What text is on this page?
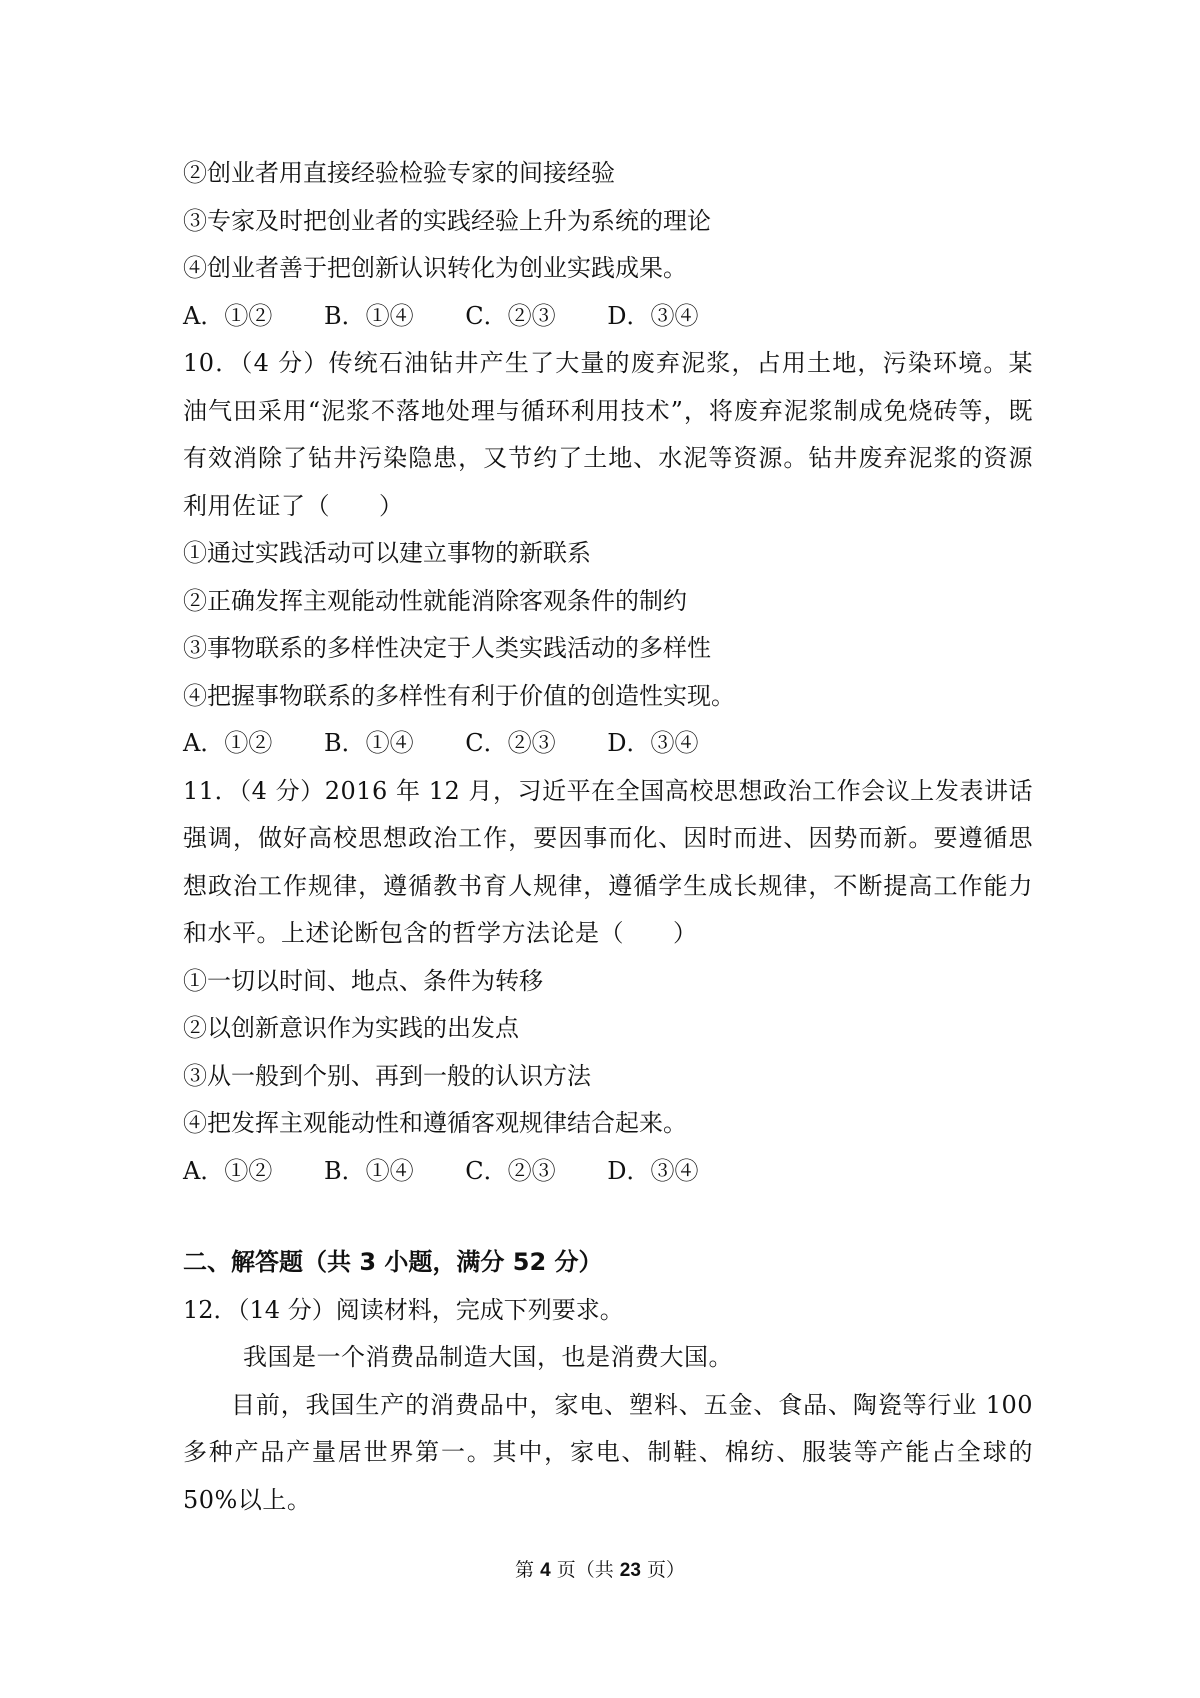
②创业者用直接经验检验专家的间接经验
③专家及时把创业者的实践经验上升为系统的理论
④创业者善于把创新认识转化为创业实践成果。
A．①② B．①④ C．②③ D．③④
10．（4 分）传统石油钻井产生了大量的废弃泥浆，占用土地，污染环境。某油气田采用“泥浆不落地处理与循环利用技术”，将废弃泥浆制成免烧砖等，既有效消除了钻井污染隐患，又节约了土地、水泥等资源。钻井废弃泥浆的资源利用佐证了（　　）
①通过实践活动可以建立事物的新联系
②正确发挥主观能动性就能消除客观条件的制约
③事物联系的多样性决定于人类实践活动的多样性
④把握事物联系的多样性有利于价值的创造性实现。
A．①② B．①④ C．②③ D．③④
11．（4 分）2016 年 12 月，习近平在全国高校思想政治工作会议上发表讲话强调，做好高校思想政治工作，要因事而化、因时而进、因势而新。要遵循思想政治工作规律，遵循教书育人规律，遵循学生成长规律，不断提高工作能力和水平。上述论断包含的哲学方法论是（　　）
①一切以时间、地点、条件为转移
②以创新意识作为实践的出发点
③从一般到个别、再到一般的认识方法
④把发挥主观能动性和遵循客观规律结合起来。
A．①② B．①④ C．②③ D．③④
二、解答题（共 3 小题，满分 52 分）
12．（14 分）阅读材料，完成下列要求。
我国是一个消费品制造大国，也是消费大国。
目前，我国生产的消费品中，家电、塑料、五金、食品、陶瓷等行业 100 多种产品产量居世界第一。其中，家电、制鞋、棉纺、服装等产能占全球的 50%以上。
第 4 页（共 23 页）
